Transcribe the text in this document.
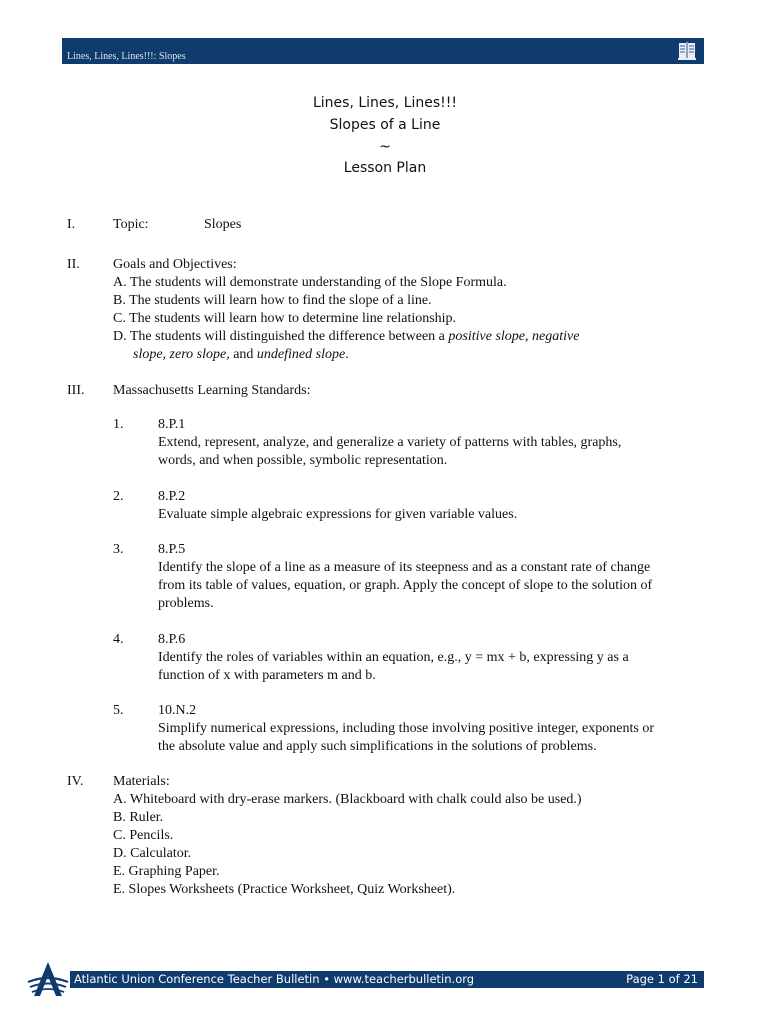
Lines, Lines, Lines!!!: Slopes
Lines, Lines, Lines!!!
Slopes of a Line
~
Lesson Plan
I.	Topic:	Slopes
II. Goals and Objectives:
A. The students will demonstrate understanding of the Slope Formula.
B. The students will learn how to find the slope of a line.
C. The students will learn how to determine line relationship.
D. The students will distinguished the difference between a positive slope, negative
slope, zero slope, and undefined slope.
III. Massachusetts Learning Standards:
1. 8.P.1
Extend, represent, analyze, and generalize a variety of patterns with tables, graphs,
words, and when possible, symbolic representation.
2. 8.P.2
Evaluate simple algebraic expressions for given variable values.
3. 8.P.5
Identify the slope of a line as a measure of its steepness and as a constant rate of change
from its table of values, equation, or graph. Apply the concept of slope to the solution of
problems.
4. 8.P.6
Identify the roles of variables within an equation, e.g., y = mx + b, expressing y as a
function of x with parameters m and b.
5. 10.N.2
Simplify numerical expressions, including those involving positive integer, exponents or
the absolute value and apply such simplifications in the solutions of problems.
IV. Materials:
A. Whiteboard with dry-erase markers. (Blackboard with chalk could also be used.)
B. Ruler.
C. Pencils.
D. Calculator.
E. Graphing Paper.
E. Slopes Worksheets (Practice Worksheet, Quiz Worksheet).
Atlantic Union Conference Teacher Bulletin • www.teacherbulletin.org	Page 1 of 21
